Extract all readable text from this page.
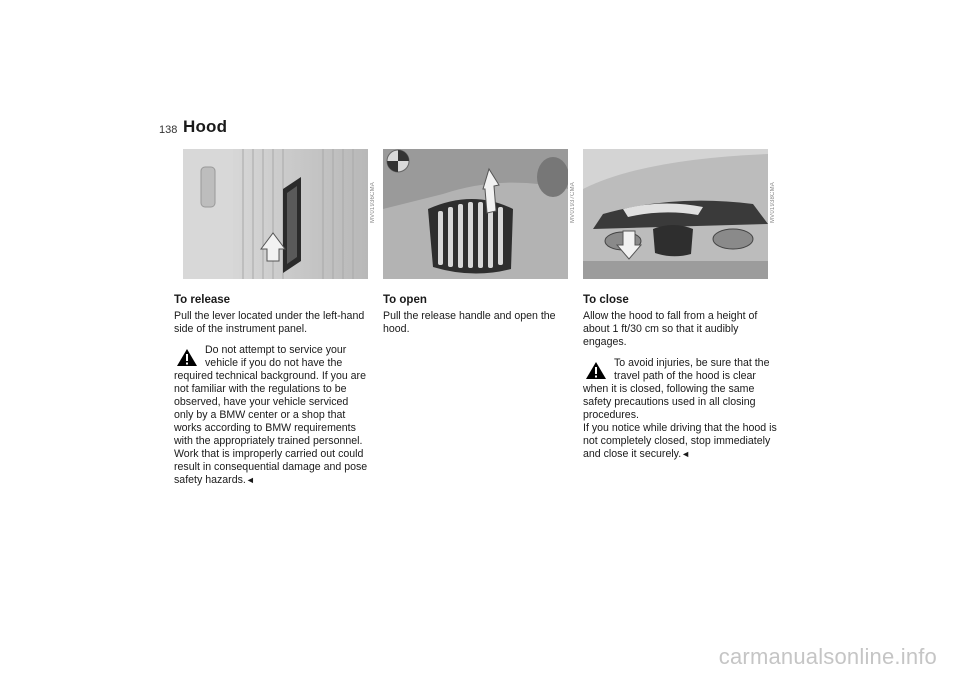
138 Hood
MV01936CMA	MV01937CMA	MV01938CMA
To release

Pull the lever located under the left-hand side of the instrument panel.

Do not attempt to service your vehicle if you do not have the required technical background. If you are not familiar with the regulations to be observed, have your vehicle serviced only by a BMW center or a shop that works according to BMW requirements with the appropriately trained personnel. Work that is improperly carried out could result in consequential damage and pose safety hazards.◄
To open

Pull the release handle and open the hood.

To close

Allow the hood to fall from a height of about 1 ft/30 cm so that it audibly engages.

To avoid injuries, be sure that the travel path of the hood is clear when it is closed, following the same safety precautions used in all closing procedures.
If you notice while driving that the hood is not completely closed, stop immediately and close it securely.◄
carmanualsonline.info
